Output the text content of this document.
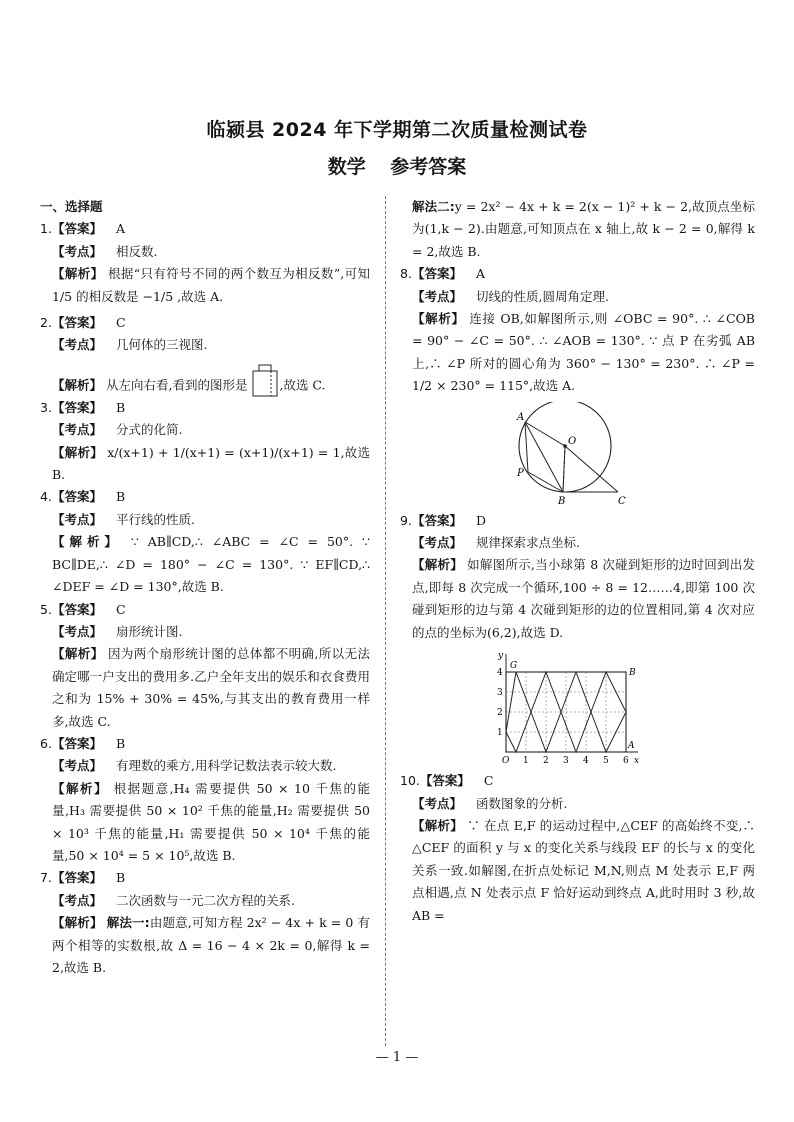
临颍县 2024 年下学期第二次质量检测试卷
数学 参考答案
一、选择题
1.【答案】 A
【考点】 相反数.
【解析】 根据“只有符号不同的两个数互为相反数”,可知 1/5 的相反数是 −1/5 ,故选 A.
2.【答案】 C
【考点】 几何体的三视图.
【解析】 从左向右看,看到的图形是	,故选 C.
3.【答案】 B
【考点】 分式的化简.
【解析】 x/(x+1) + 1/(x+1) = (x+1)/(x+1) = 1,故选 B.
4.【答案】 B
【考点】 平行线的性质.
【解析】 ∵ AB∥CD,∴ ∠ABC = ∠C = 50°. ∵ BC∥DE,∴ ∠D = 180° − ∠C = 130°. ∵ EF∥CD,∴ ∠DEF = ∠D = 130°,故选 B.
5.【答案】 C
【考点】 扇形统计图.
【解析】 因为两个扇形统计图的总体都不明确,所以无法确定哪一户支出的费用多.乙户全年支出的娱乐和衣食费用之和为 15% + 30% = 45%,与其支出的教育费用一样多,故选 C.
6.【答案】 B
【考点】 有理数的乘方,用科学记数法表示较大数.
【解析】 根据题意,H₄ 需要提供 50 × 10 千焦的能量,H₃ 需要提供 50 × 10² 千焦的能量,H₂ 需要提供 50 × 10³ 千焦的能量,H₁ 需要提供 50 × 10⁴ 千焦的能量,50 × 10⁴ = 5 × 10⁵,故选 B.
7.【答案】 B
【考点】 二次函数与一元二次方程的关系.
【解析】 解法一:由题意,可知方程 2x² − 4x + k = 0 有两个相等的实数根,故 Δ = 16 − 4 × 2k = 0,解得 k = 2,故选 B.
解法二:y = 2x² − 4x + k = 2(x − 1)² + k − 2,故顶点坐标为(1,k − 2).由题意,可知顶点在 x 轴上,故 k − 2 = 0,解得 k = 2,故选 B.
8.【答案】 A
【考点】 切线的性质,圆周角定理.
【解析】 连接 OB,如解图所示,则 ∠OBC = 90°. ∴ ∠COB = 90° − ∠C = 50°. ∴ ∠AOB = 130°. ∵ 点 P 在劣弧 AB 上,∴ ∠P 所对的圆心角为 360° − 130° = 230°. ∴ ∠P = 1/2 × 230° = 115°,故选 A.
A
O
P
B	C
9.【答案】 D
【考点】 规律探索求点坐标.
【解析】 如解图所示,当小球第 8 次碰到矩形的边时回到出发点,即每 8 次完成一个循环,100 ÷ 8 = 12……4,即第 100 次碰到矩形的边与第 4 次碰到矩形的边的位置相同,第 4 次对应的点的坐标为(6,2),故选 D.
O 1 2 3 4 5 6 x
1
2
3
4
y
G
B
A
10.【答案】 C
【考点】 函数图象的分析.
【解析】 ∵ 在点 E,F 的运动过程中,△CEF 的高始终不变,∴ △CEF 的面积 y 与 x 的变化关系与线段 EF 的长与 x 的变化关系一致.如解图,在折点处标记 M,N,则点 M 处表示 E,F 两点相遇,点 N 处表示点 F 恰好运动到终点 A,此时用时 3 秒,故 AB =
— 1 —
